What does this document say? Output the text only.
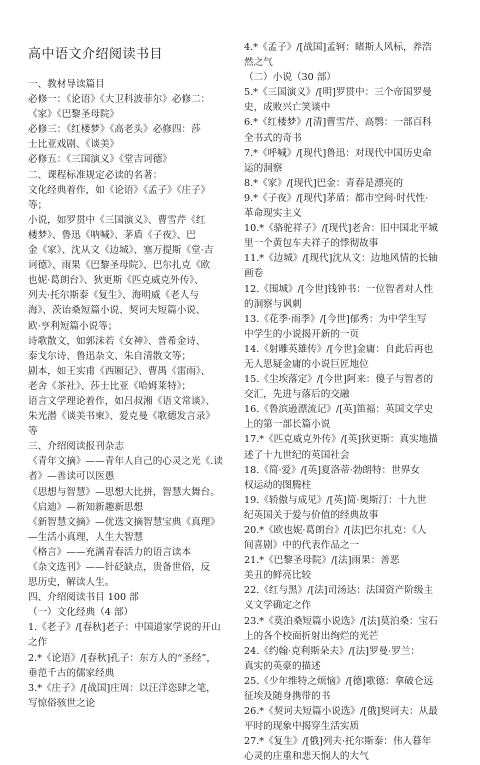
高中语文介绍阅读书目
一、教材导读篇目
必修一：《论语》《大卫科波菲尔》必修二：
《家》《巴黎圣母院》
必修三：《红楼梦》《高老头》必修四：莎
士比亚戏剧、《谈美》
必修五：《三国演义》《堂吉诃德》
二、课程标准规定必读的名著：
文化经典着作，如《论语》《孟子》《庄子》
等；
小说，如罗贯中《三国演义》、曹雪芹《红
楼梦》、鲁迅《呐喊》、茅盾《子夜》、巴
金《家》、沈从文《边城》、塞万提斯《堂·吉
诃德》、雨果《巴黎圣母院》、巴尔扎克《欧
也妮·葛朗台》、狄更斯《匹克威克外传》、
列夫·托尔斯泰《复生》、海明威《老人与
海》、茨诒桑短篇小说、契诃夫短篇小说、
欧·亨利短篇小说等；
诗歌散文，如郭沫若《女神》、普希金诗、
泰戈尔诗、鲁迅杂文、朱自清散文等；
剧本，如王实甫《西厢记》、曹禺《雷雨》、
老舍《茶社》、莎士比亚《哈姆莱特》；
语言文学理论着作，如吕叔湘《语文常谈》、
朱光潜《谈美书柬》、爱克曼《歌德发言录》
等
三、介绍阅读报刊杂志
《青年文摘》——青年人自己的心灵之光《.读
者》—善读可以医愚
《思想与智慧》—思想大比拼，智慧大舞台。
《启迪》—新知新趣新思想
《新智慧文摘》—优选文摘智慧宝典《真理》
—生活小真理，人生大智慧
《格言》——充满青春活力的语言读本
《杂文选刊》——针砭缺点，贵备世俗，反
思历史，解读人生。
四、介绍阅读书目 100 部
（一）文化经典（4 部）
1.《老子》/[春秋]老子：中国道家学说的开山
之作
2.*《论语》/[春秋]孔子：东方人的“圣经”，
垂范千古的儒家经典
3.*《庄子》/[战国]庄周：以汪洋恣肆之笔，
写惊俗骇世之论
4.*《孟子》/[战国]孟轲：睹斯人风标，养浩
然之气
（二）小说（30 部）
5.*《三国演义》/[明]罗贯中：三个帝国罗曼
史，成败兴亡笑谈中
6.*《红楼梦》/[清]曹雪芹、高鹗：一部百科
全书式的奇书
7.*《呼喊》/[现代]鲁迅：对现代中国历史命
运的洞察
8.*《家》/[现代]巴金：青春是漂亮的
9.*《子夜》/[现代]茅盾：都市空间·时代性·
革命现实主义
10.*《骆驼祥子》/[现代]老舍：旧中国北平城
里一个黄包车夫祥子的悸彻故事
11.*《边城》/[现代]沈从文：边地风情的长轴
画卷
12.《围城》/[今世]钱钟书：一位智者对人性
的洞察与讽刺
13.《花季·雨季》/[今世]郁秀：为中学生写
中学生的小说揭开新的一页
14.《射雕英雄传》/[今世]金庸：自此后再也
无人思疑金庸的小说巨匠地位
15.《尘埃落定》/[今世]阿来：傻子与智者的
交汇，先进与落后的交融
16.《鲁滨逊漂流记》/[英]笛福：英国文学史
上的第一部长篇小说
17.*《匹克威克外传》/[英]狄更斯：真实地描
述了十九世纪的英国社会
18.《简·爱》/[英]夏洛蒂·勃朗特：世界女
权运动的图腾柱
19.《轿傲与成见》/[英]简·奥斯汀：十九世
纪英国关于爱与价值的经典故事
20.*《欧也妮·葛朗台》/[法]巴尔扎克：《人
间喜剧》中的代表作品之一
21.*《巴黎圣母院》/[法]雨果：善恶
美丑的鲜亮比较
22.《红与黑》/[法]司汤达：法国资产阶级主
义文学确定之作
23.*《莫泊桑短篇小说选》/[法]莫泊桑：宝石
上的各个校面折射出绚烂的光芒
24.《约翰·克利斯朵夫》/[法]罗曼·罗兰：
真实的英豪的描述
25.《少年维特之烦恼》/[德]歌德：拿破仑远
征埃及随身携带的书
26.*《契诃夫短篇小说选》/[俄]契诃夫：从最
平时的现象中揭穿生活实质
27.*《复生》/[俄]列夫·托尔斯泰：伟人暮年
心灵的庄重和悲天悯人的大气
